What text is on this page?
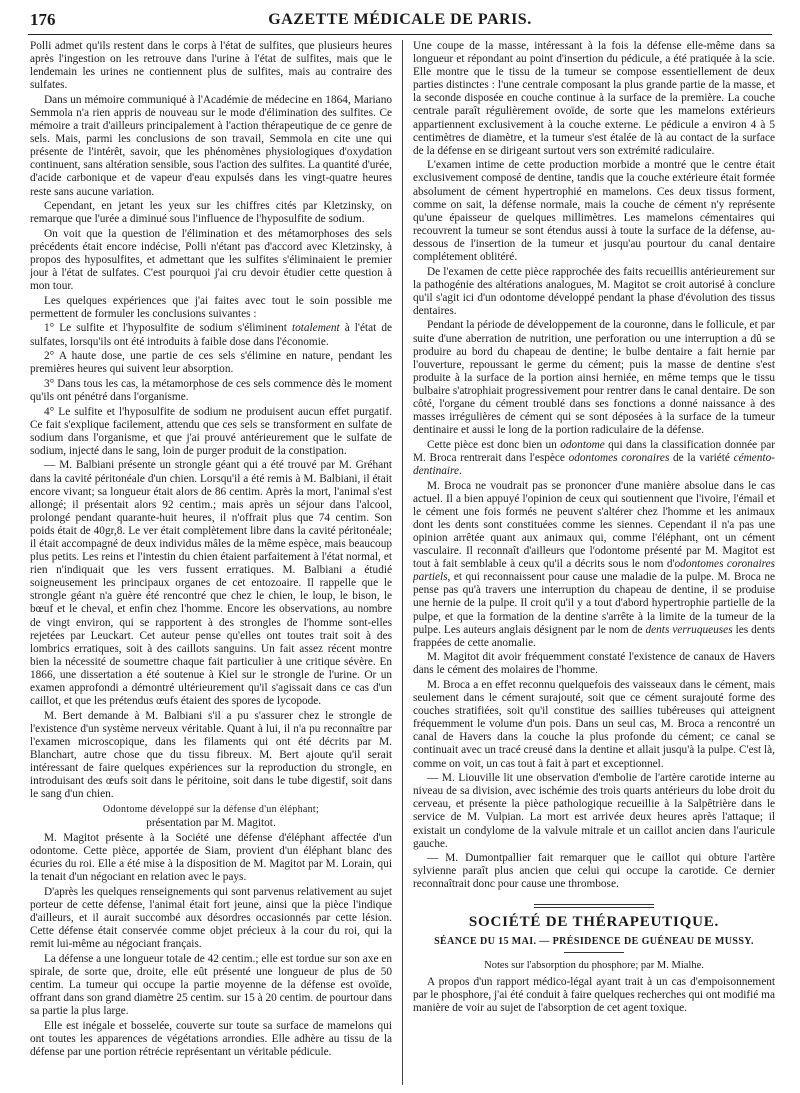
176	GAZETTE MÉDICALE DE PARIS.

Polli admet qu'ils restent dans le corps à l'état de sulfites, que plusieurs heures après l'ingestion on les retrouve dans l'urine à l'état de sulfites, mais que le lendemain les urines ne contiennent plus de sulfites, mais au contraire des sulfates.

Dans un mémoire communiqué à l'Académie de médecine en 1864, Mariano Semmola n'a rien appris de nouveau sur le mode d'élimination des sulfites. Ce mémoire a trait d'ailleurs principalement à l'action thérapeutique de ce genre de sels. Mais, parmi les conclusions de son travail, Semmola en cite une qui présente de l'intérêt, savoir, que les phénomènes physiologiques d'oxydation continuent, sans altération sensible, sous l'action des sulfites. La quantité d'urée, d'acide carbonique et de vapeur d'eau expulsés dans les vingt-quatre heures reste sans aucune variation.

Cependant, en jetant les yeux sur les chiffres cités par Kletzinsky, on remarque que l'urée a diminué sous l'influence de l'hyposulfite de sodium.

On voit que la question de l'élimination et des métamorphoses des sels précédents était encore indécise, Polli n'étant pas d'accord avec Kletzinsky, à propos des hyposulfites, et admettant que les sulfites s'éliminaient le premier jour à l'état de sulfates. C'est pourquoi j'ai cru devoir étudier cette question à mon tour.

Les quelques expériences que j'ai faites avec tout le soin possible me permettent de formuler les conclusions suivantes :

1° Le sulfite et l'hyposulfite de sodium s'éliminent totalement à l'état de sulfates, lorsqu'ils ont été introduits à faible dose dans l'économie.

2° A haute dose, une partie de ces sels s'élimine en nature, pendant les premières heures qui suivent leur absorption.

3° Dans tous les cas, la métamorphose de ces sels commence dès le moment qu'ils ont pénétré dans l'organisme.

4° Le sulfite et l'hyposulfite de sodium ne produisent aucun effet purgatif. Ce fait s'explique facilement, attendu que ces sels se transforment en sulfate de sodium dans l'organisme, et que j'ai prouvé antérieurement que le sulfate de sodium, injecté dans le sang, loin de purger produit de la constipation.

— M. Balbiani présente un strongle géant qui a été trouvé par M. Gréhant dans la cavité péritonéale d'un chien. Lorsqu'il a été remis à M. Balbiani, il était encore vivant; sa longueur était alors de 86 centim. Après la mort, l'animal s'est allongé; il présentait alors 92 centim.; mais après un séjour dans l'alcool, prolongé pendant quarante-huit heures, il n'offrait plus que 74 centim. Son poids était de 40gr,8. Le ver était complètement libre dans la cavité péritonéale; il était accompagné de deux individus mâles de la même espèce, mais beaucoup plus petits. Les reins et l'intestin du chien étaient parfaitement à l'état normal, et rien n'indiquait que les vers fussent erratiques. M. Balbiani a étudié soigneusement les principaux organes de cet entozoaire. Il rappelle que le strongle géant n'a guère été rencontré que chez le chien, le loup, le bison, le bœuf et le cheval, et enfin chez l'homme. Encore les observations, au nombre de vingt environ, qui se rapportent à des strongles de l'homme sont-elles rejetées par Leuckart. Cet auteur pense qu'elles ont toutes trait soit à des lombrics erratiques, soit à des caillots sanguins. Un fait assez récent montre bien la nécessité de soumettre chaque fait particulier à une critique sévère. En 1866, une dissertation a été soutenue à Kiel sur le strongle de l'urine. Or un examen approfondi a démontré ultérieurement qu'il s'agissait dans ce cas d'un caillot, et que les prétendus œufs étaient des spores de lycopode.

M. Bert demande à M. Balbiani s'il a pu s'assurer chez le strongle de l'existence d'un système nerveux véritable. Quant à lui, il n'a pu reconnaître par l'examen microscopique, dans les filaments qui ont été décrits par M. Blanchart, autre chose que du tissu fibreux. M. Bert ajoute qu'il serait intéressant de faire quelques expériences sur la reproduction du strongle, en introduisant des œufs soit dans le péritoine, soit dans le tube digestif, soit dans le sang d'un chien.

Odontome développé sur la défense d'un éléphant;

présentation par M. Magitot.

M. Magitot présente à la Société une défense d'éléphant affectée d'un odontome. Cette pièce, apportée de Siam, provient d'un éléphant blanc des écuries du roi. Elle a été mise à la disposition de M. Magitot par M. Lorain, qui la tenait d'un négociant en relation avec le pays.

D'après les quelques renseignements qui sont parvenus relativement au sujet porteur de cette défense, l'animal était fort jeune, ainsi que la pièce l'indique d'ailleurs, et il aurait succombé aux désordres occasionnés par cette lésion. Cette défense était conservée comme objet précieux à la cour du roi, qui la remit lui-même au négociant français.

La défense a une longueur totale de 42 centim.; elle est tordue sur son axe en spirale, de sorte que, droite, elle eût présenté une longueur de plus de 50 centim. La tumeur qui occupe la partie moyenne de la défense est ovoïde, offrant dans son grand diamètre 25 centim. sur 15 à 20 centim. de pourtour dans sa partie la plus large.

Elle est inégale et bosselée, couverte sur toute sa surface de mamelons qui ont toutes les apparences de végétations arrondies. Elle adhère au tissu de la défense par une portion rétrécie représentant un véritable pédicule.

Une coupe de la masse, intéressant à la fois la défense elle-même dans sa longueur et répondant au point d'insertion du pédicule, a été pratiquée à la scie. Elle montre que le tissu de la tumeur se compose essentiellement de deux parties distinctes : l'une centrale composant la plus grande partie de la masse, et la seconde disposée en couche continue à la surface de la première. La couche centrale paraît régulièrement ovoïde, de sorte que les mamelons extérieurs appartiennent exclusivement à la couche externe. Le pédicule a environ 4 à 5 centimètres de diamètre, et la tumeur s'est étalée de là au contact de la surface de la défense en se dirigeant surtout vers son extrémité radiculaire.

L'examen intime de cette production morbide a montré que le centre était exclusivement composé de dentine, tandis que la couche extérieure était formée absolument de cément hypertrophié en mamelons. Ces deux tissus forment, comme on sait, la défense normale, mais la couche de cément n'y représente qu'une épaisseur de quelques millimètres. Les mamelons cémentaires qui recouvrent la tumeur se sont étendus aussi à toute la surface de la défense, au-dessous de l'insertion de la tumeur et jusqu'au pourtour du canal dentaire complétement oblitéré.

De l'examen de cette pièce rapprochée des faits recueillis antérieurement sur la pathogénie des altérations analogues, M. Magitot se croit autorisé à conclure qu'il s'agit ici d'un odontome développé pendant la phase d'évolution des tissus dentaires.

Pendant la période de développement de la couronne, dans le follicule, et par suite d'une aberration de nutrition, une perforation ou une interruption a dû se produire au bord du chapeau de dentine; le bulbe dentaire a fait hernie par l'ouverture, repoussant le germe du cément; puis la masse de dentine s'est produite à la surface de la portion ainsi herniée, en même temps que le tissu bulbaire s'atrophiait progressivement pour rentrer dans le canal dentaire. De son côté, l'organe du cément troublé dans ses fonctions a donné naissance à des masses irrégulières de cément qui se sont déposées à la surface de la tumeur dentinaire et aussi le long de la portion radiculaire de la défense.

Cette pièce est donc bien un odontome qui dans la classification donnée par M. Broca rentrerait dans l'espèce odontomes coronaires de la variété cémento-dentinaire.

M. Broca ne voudrait pas se prononcer d'une manière absolue dans le cas actuel. Il a bien appuyé l'opinion de ceux qui soutiennent que l'ivoire, l'émail et le cément une fois formés ne peuvent s'altérer chez l'homme et les animaux dont les dents sont constituées comme les siennes. Cependant il n'a pas une opinion arrêtée quant aux animaux qui, comme l'éléphant, ont un cément vasculaire. Il reconnaît d'ailleurs que l'odontome présenté par M. Magitot est tout à fait semblable à ceux qu'il a décrits sous le nom d'odontomes coronaires partiels, et qui reconnaissent pour cause une maladie de la pulpe. M. Broca ne pense pas qu'à travers une interruption du chapeau de dentine, il se produise une hernie de la pulpe. Il croit qu'il y a tout d'abord hypertrophie partielle de la pulpe, et que la formation de la dentine s'arrête à la limite de la tumeur de la pulpe. Les auteurs anglais désignent par le nom de dents verruqueuses les dents frappées de cette anomalie.

M. Magitot dit avoir fréquemment constaté l'existence de canaux de Havers dans le cément des molaires de l'homme.

M. Broca a en effet reconnu quelquefois des vaisseaux dans le cément, mais seulement dans le cément surajouté, soit que ce cément surajouté forme des couches stratifiées, soit qu'il constitue des saillies tubéreuses qui atteignent fréquemment le volume d'un pois. Dans un seul cas, M. Broca a rencontré un canal de Havers dans la couche la plus profonde du cément; ce canal se continuait avec un tracé creusé dans la dentine et allait jusqu'à la pulpe. C'est là, comme on voit, un cas tout à fait à part et exceptionnel.

— M. Liouville lit une observation d'embolie de l'artère carotide interne au niveau de sa division, avec ischémie des trois quarts antérieurs du lobe droit du cerveau, et présente la pièce pathologique recueillie à la Salpêtrière dans le service de M. Vulpian. La mort est arrivée deux heures après l'attaque; il existait un condylome de la valvule mitrale et un caillot ancien dans l'auricule gauche.

— M. Dumontpallier fait remarquer que le caillot qui obture l'artère sylvienne paraît plus ancien que celui qui occupe la carotide. Ce dernier reconnaîtrait donc pour cause une thrombose.

SOCIÉTÉ DE THÉRAPEUTIQUE.
SÉANCE DU 15 MAI. — PRÉSIDENCE DE GUÉNEAU DE MUSSY.
Notes sur l'absorption du phosphore; par M. Mialhe.

A propos d'un rapport médico-légal ayant trait à un cas d'empoisonnement par le phosphore, j'ai été conduit à faire quelques recherches qui ont modifié ma manière de voir au sujet de l'absorption de cet agent toxique.
